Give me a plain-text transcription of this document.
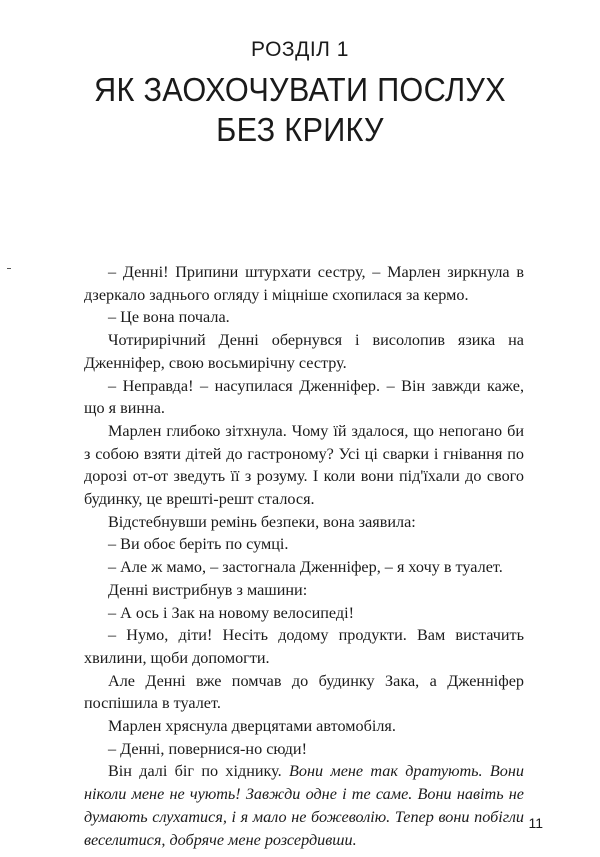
РОЗДІЛ 1
ЯК ЗАОХОЧУВАТИ ПОСЛУХ
БЕЗ КРИКУ

– Денні! Припини штурхати сестру, – Марлен зиркнула в дзеркало заднього огляду і міцніше схопилася за кермо.

– Це вона почала.

Чотирирічний Денні обернувся і висолопив язика на Дженніфер, свою восьмирічну сестру.

– Неправда! – насупилася Дженніфер. – Він завжди каже, що я винна.

Марлен глибоко зітхнула. Чому їй здалося, що непогано би з собою взяти дітей до гастроному? Усі ці сварки і гнівання по дорозі от-от зведуть її з розуму. І коли вони під'їхали до свого будинку, це врешті-решт сталося.

Відстебнувши ремінь безпеки, вона заявила:

– Ви обоє беріть по сумці.

– Але ж мамо, – застогнала Дженніфер, – я хочу в туалет.

Денні вистрибнув з машини:

– А ось і Зак на новому велосипеді!

– Нумо, діти! Несіть додому продукти. Вам вистачить хвилини, щоби допомогти.

Але Денні вже помчав до будинку Зака, а Дженніфер поспішила в туалет.

Марлен хряснула дверцятами автомобіля.

– Денні, повернися-но сюди!

Він далі біг по хіднику. Вони мене так дратують. Вони ніколи мене не чують! Завжди одне і те саме. Вони навіть не думають слухатися, і я мало не божеволію. Тепер вони побігли веселитися, добряче мене розсердивши.

11
